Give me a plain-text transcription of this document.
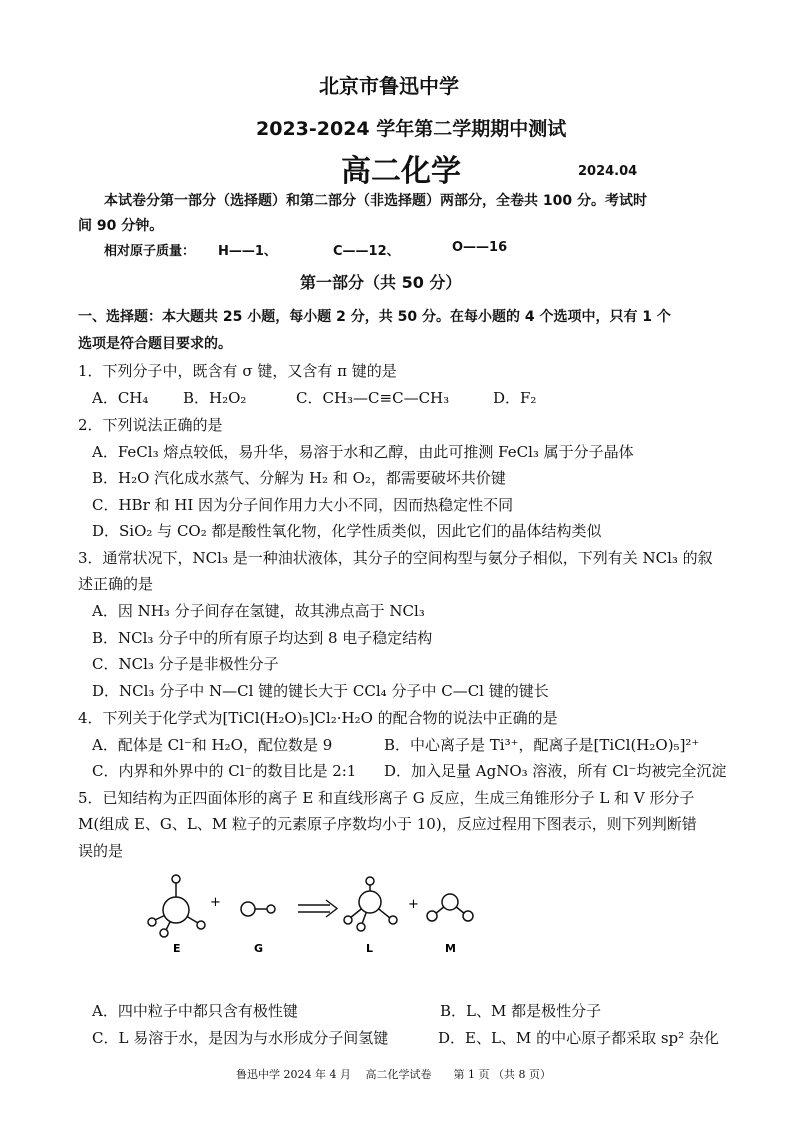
北京市鲁迅中学
2023-2024 学年第二学期期中测试
高二化学	2024.04
本试卷分第一部分（选择题）和第二部分（非选择题）两部分，全卷共 100 分。考试时
间 90 分钟。
相对原子质量： H——1、	C——12、	O——16
第一部分（共 50 分）
一、选择题：本大题共 25 小题，每小题 2 分，共 50 分。在每小题的 4 个选项中，只有 1 个
选项是符合题目要求的。
1．下列分子中，既含有 σ 键，又含有 π 键的是
A．CH₄ B．H₂O₂	C．CH₃—C≡C—CH₃	D．F₂
2．下列说法正确的是
A．FeCl₃ 熔点较低，易升华，易溶于水和乙醇，由此可推测 FeCl₃ 属于分子晶体
B．H₂O 汽化成水蒸气、分解为 H₂ 和 O₂，都需要破坏共价键
C．HBr 和 HI 因为分子间作用力大小不同，因而热稳定性不同
D．SiO₂ 与 CO₂ 都是酸性氧化物，化学性质类似，因此它们的晶体结构类似
3．通常状况下，NCl₃ 是一种油状液体，其分子的空间构型与氨分子相似，下列有关 NCl₃ 的叙
述正确的是
A．因 NH₃ 分子间存在氢键，故其沸点高于 NCl₃
B．NCl₃ 分子中的所有原子均达到 8 电子稳定结构
C．NCl₃ 分子是非极性分子
D．NCl₃ 分子中 N—Cl 键的键长大于 CCl₄ 分子中 C—Cl 键的键长
4．下列关于化学式为[TiCl(H₂O)₅]Cl₂·H₂O 的配合物的说法中正确的是
A．配体是 Cl⁻和 H₂O，配位数是 9	B．中心离子是 Ti³⁺，配离子是[TiCl(H₂O)₅]²⁺
C．内界和外界中的 Cl⁻的数目比是 2:1 D．加入足量 AgNO₃ 溶液，所有 Cl⁻均被完全沉淀
5．已知结构为正四面体形的离子 E 和直线形离子 G 反应，生成三角锥形分子 L 和 V 形分子
M(组成 E、G、L、M 粒子的元素原子序数均小于 10)，反应过程用下图表示，则下列判断错
误的是
+	+
E	G	L	M
A．四中粒子中都只含有极性键	B．L、M 都是极性分子
C．L 易溶于水，是因为与水形成分子间氢键	D．E、L、M 的中心原子都采取 sp² 杂化
鲁迅中学 2024 年 4 月　 高二化学试卷　　第 1 页 （共 8 页）
